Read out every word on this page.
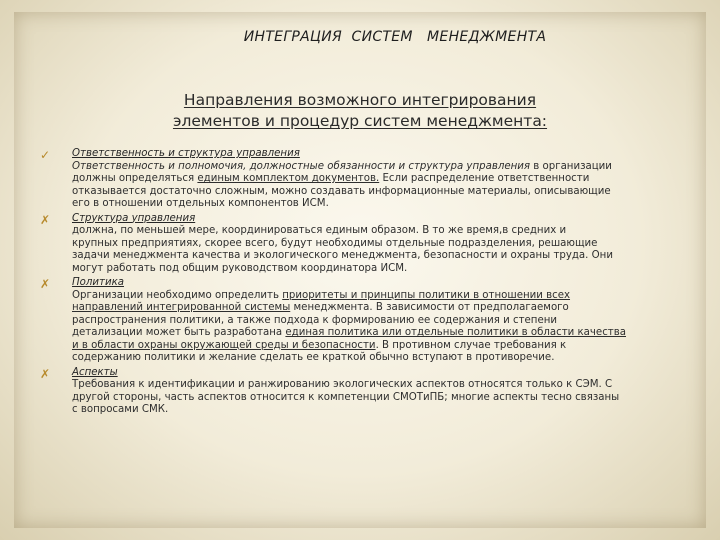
ИНТЕГРАЦИЯ  СИСТЕМ   МЕНЕДЖМЕНТА
Направления возможного интегрирования
элементов и процедур систем менеджмента:
✓ Ответственность и структура управления
Ответственность и полномочия, должностные обязанности и структура управления в организации
должны определяться единым комплектом документов. Если распределение ответственности
отказывается достаточно сложным, можно создавать информационные материалы, описывающие
его в отношении отдельных компонентов ИСМ.
✗ Структура управления
должна, по меньшей мере, координироваться единым образом. В то же время,в средних и
крупных предприятиях, скорее всего, будут необходимы отдельные подразделения, решающие
задачи менеджмента качества и экологического менеджмента, безопасности и охраны труда. Они
могут работать под общим руководством координатора ИСМ.
✗ Политика
Организации необходимо определить приоритеты и принципы политики в отношении всех
направлений интегрированной системы менеджмента. В зависимости от предполагаемого
распространения политики, а также подхода к формированию ее содержания и степени
детализации может быть разработана единая политика или отдельные политики в области качества
и в области охраны окружающей среды и безопасности. В противном случае требования к
содержанию политики и желание сделать ее краткой обычно вступают в противоречие.
✗ Аспекты
Требования к идентификации и ранжированию экологических аспектов относятся только к СЭМ. С
другой стороны, часть аспектов относится к компетенции СМОТиПБ; многие аспекты тесно связаны
с вопросами СМК.
